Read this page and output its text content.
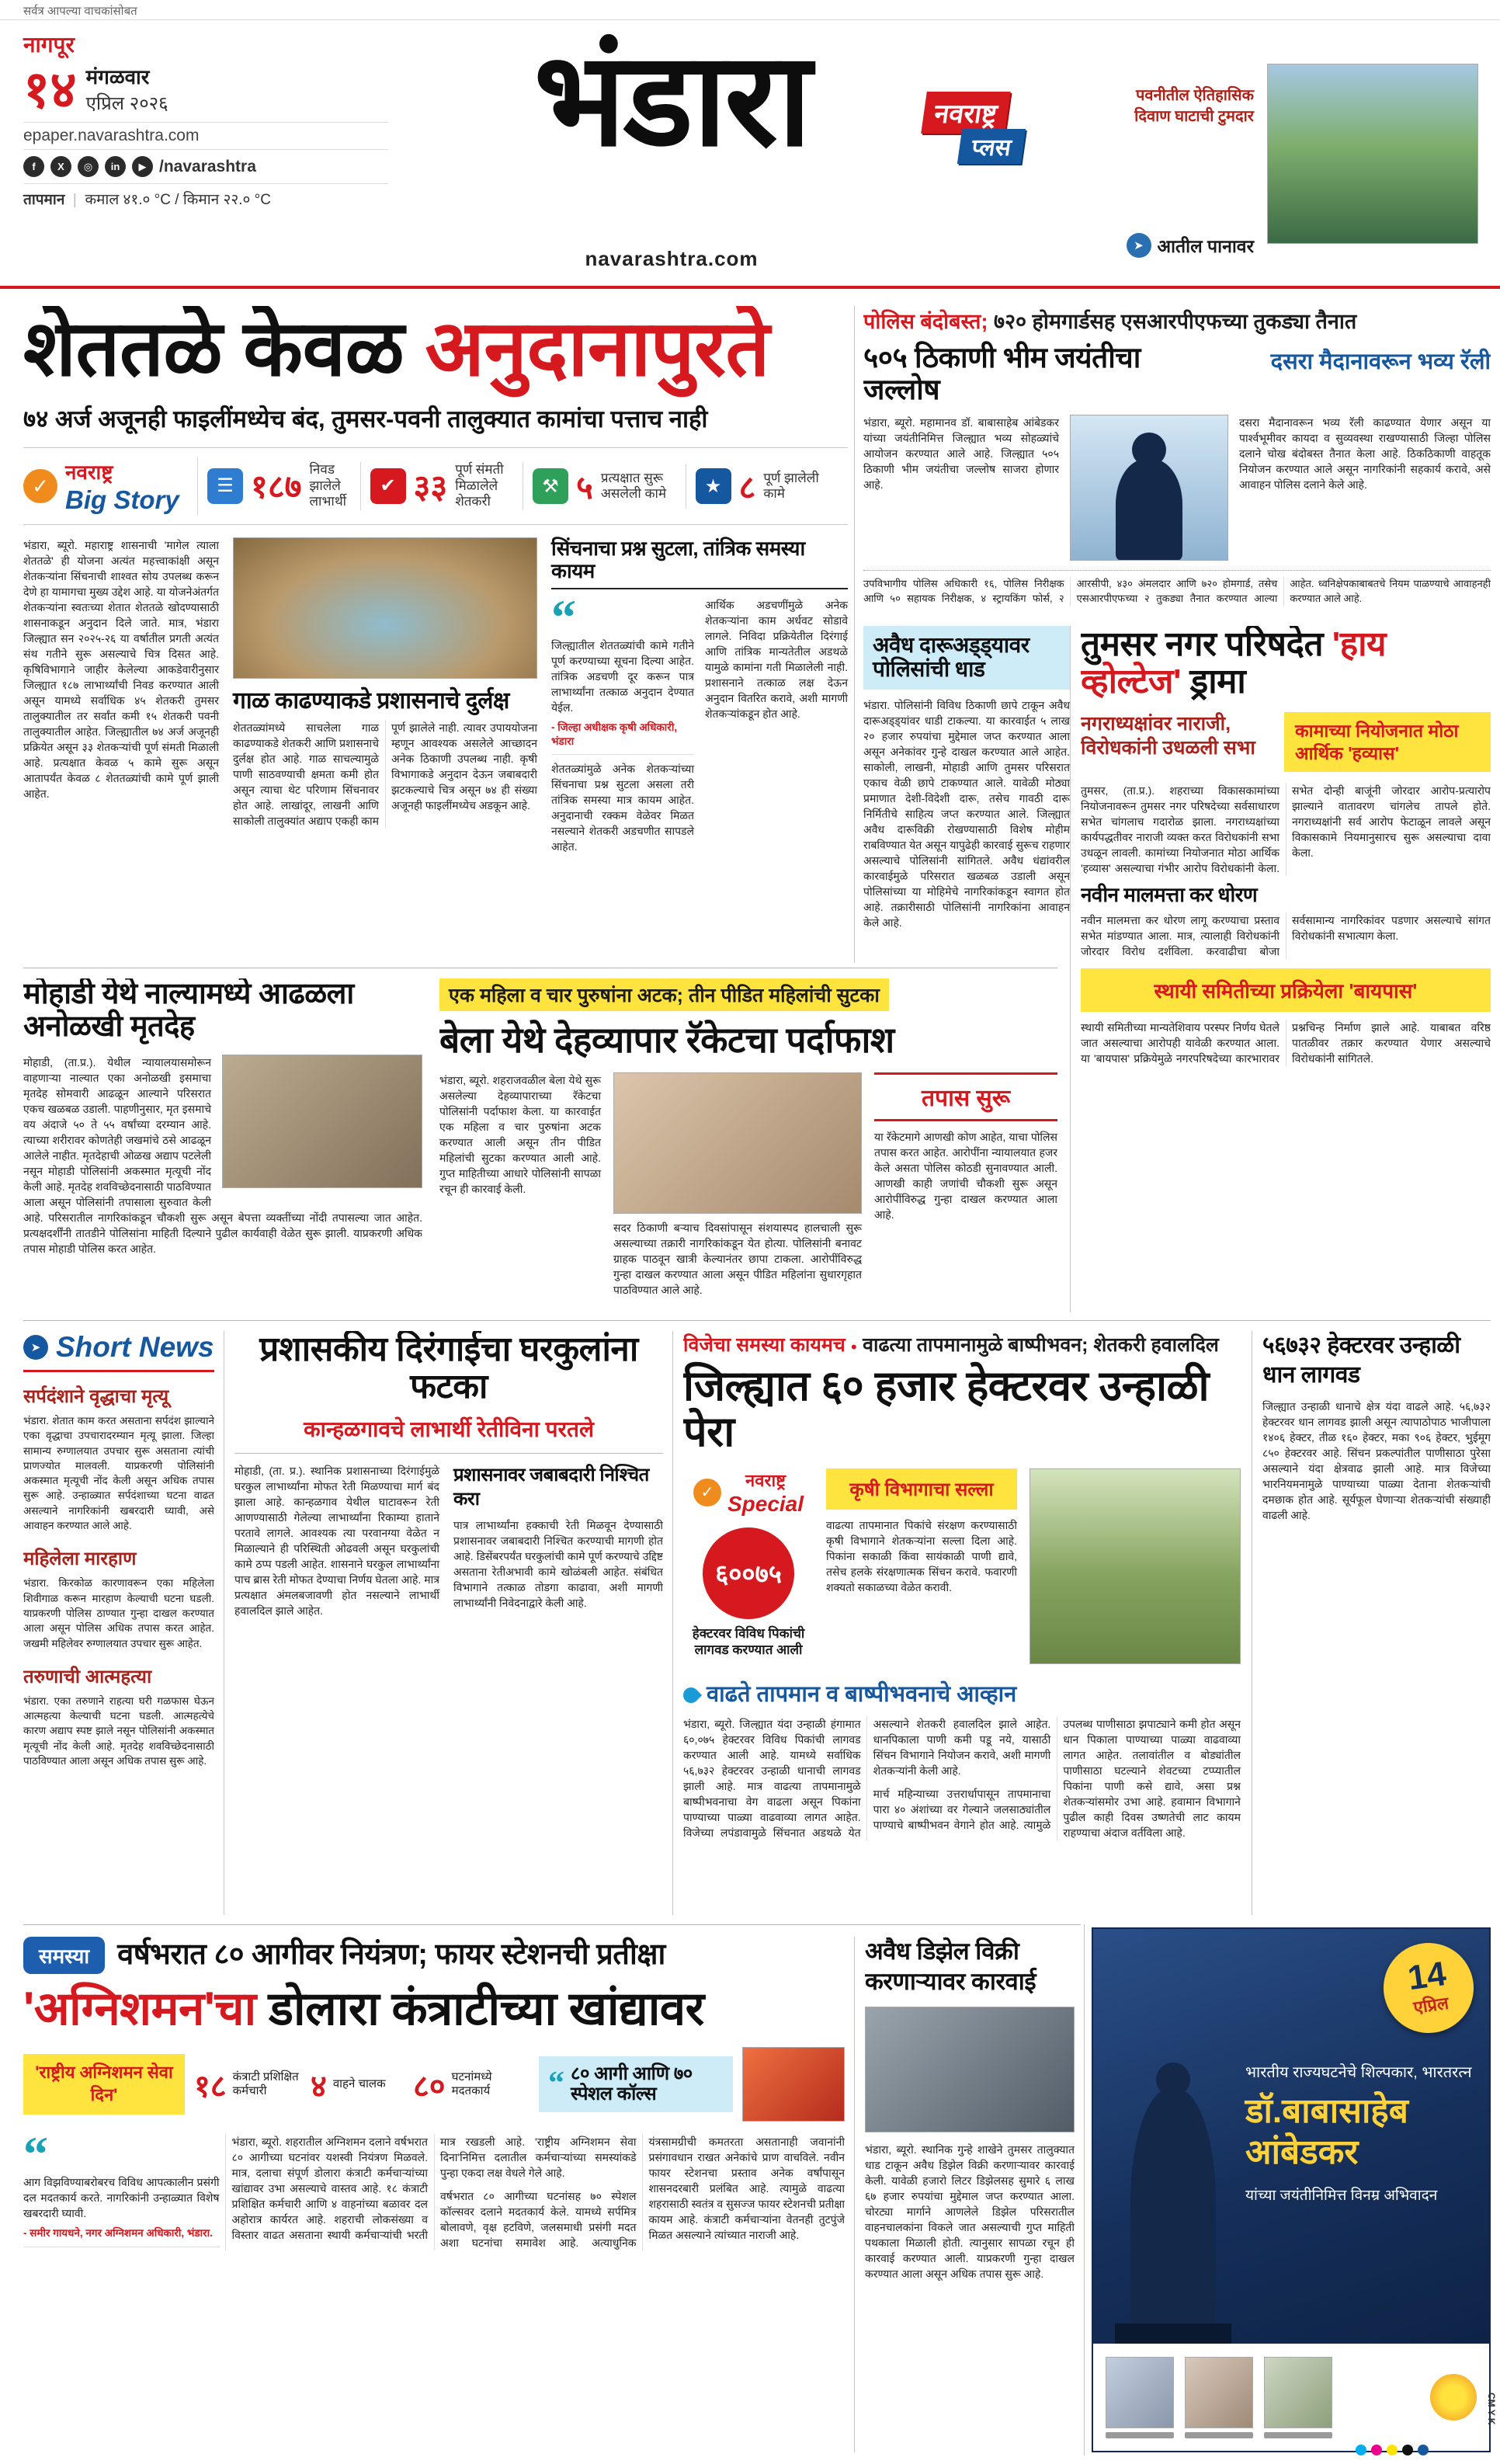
सर्वत्र आपल्या वाचकांसोबत
नागपूर
१४ मंगळवार
एप्रिल २०२६
epaper.navarashtra.com
f	X	◎	in	▶ /navarashtra
तापमान  |  कमाल ४१.० °C / किमान २२.० °C
भंडारा	नवराष्ट्र
प्लस
navarashtra.com
पवनीतील ऐतिहासिक दिवाण घाटाची टुमदार
➤ आतील पानावर
शेततळे केवळ अनुदानापुरते
७४ अर्ज अजूनही फाइलींमध्येच बंद, तुमसर-पवनी तालुक्यात कामांचा पत्ताच नाही
✓
नवराष्ट्र
Big Story	☰ १८७ निवड झालेले लाभार्थी
✔ ३३ पूर्ण संमती मिळालेले शेतकरी
⚒ ५ प्रत्यक्षात सुरू असलेली कामे	★ ८ पूर्ण झालेली कामे
भंडारा, ब्यूरो. महाराष्ट्र शासनाची 'मागेल त्याला शेततळे' ही योजना अत्यंत महत्त्वाकांक्षी असून शेतकऱ्यांना सिंचनाची शाश्वत सोय उपलब्ध करून देणे हा यामागचा मुख्य उद्देश आहे. या योजनेअंतर्गत शेतकऱ्यांना स्वतःच्या शेतात शेततळे खोदण्यासाठी शासनाकडून अनुदान दिले जाते. मात्र, भंडारा जिल्ह्यात सन २०२५-२६ या वर्षातील प्रगती अत्यंत संथ गतीने सुरू असल्याचे चित्र दिसत आहे. कृषिविभागाने जाहीर केलेल्या आकडेवारीनुसार जिल्ह्यात १८७ लाभार्थ्यांची निवड करण्यात आली असून यामध्ये सर्वाधिक ४५ शेतकरी तुमसर तालुक्यातील तर सर्वांत कमी १५ शेतकरी पवनी तालुक्यातील आहेत. जिल्ह्यातील ७४ अर्ज अजूनही प्रक्रियेत असून ३३ शेतकऱ्यांची पूर्ण संमती मिळाली आहे. प्रत्यक्षात केवळ ५ कामे सुरू असून आतापर्यंत केवळ ८ शेततळ्यांची कामे पूर्ण झाली आहेत.
गाळ काढण्याकडे प्रशासनाचे दुर्लक्ष
शेततळ्यांमध्ये साचलेला गाळ काढण्याकडे शेतकरी आणि प्रशासनाचे दुर्लक्ष होत आहे. गाळ साचल्यामुळे पाणी साठवण्याची क्षमता कमी होत असून त्याचा थेट परिणाम सिंचनावर होत आहे. लाखांदूर, लाखनी आणि साकोली तालुक्यांत अद्याप एकही काम पूर्ण झालेले नाही. त्यावर उपाययोजना म्हणून आवश्यक असलेले आच्छादन अनेक ठिकाणी उपलब्ध नाही. कृषी विभागाकडे अनुदान देऊन जबाबदारी झटकल्याचे चित्र असून ७४ ही संख्या अजूनही फाइलींमध्येच अडकून आहे.
सिंचनाचा प्रश्न सुटला, तांत्रिक समस्या कायम
“
जिल्ह्यातील शेततळ्यांची कामे गतीने पूर्ण करण्याच्या सूचना दिल्या आहेत. तांत्रिक अडचणी दूर करून पात्र लाभार्थ्यांना तत्काळ अनुदान देण्यात येईल.
- जिल्हा अधीक्षक कृषी अधिकारी, भंडारा
शेततळ्यांमुळे अनेक शेतकऱ्यांच्या सिंचनाचा प्रश्न सुटला असला तरी तांत्रिक समस्या मात्र कायम आहेत. अनुदानाची रक्कम वेळेवर मिळत नसल्याने शेतकरी अडचणीत सापडले आहेत.
आर्थिक अडचणींमुळे अनेक शेतकऱ्यांना काम अर्धवट सोडावे लागले. निविदा प्रक्रियेतील दिरंगाई आणि तांत्रिक मान्यतेतील अडथळे यामुळे कामांना गती मिळालेली नाही. प्रशासनाने तत्काळ लक्ष देऊन अनुदान वितरित करावे, अशी मागणी शेतकऱ्यांकडून होत आहे.
पोलिस बंदोबस्त; ७२० होमगार्डसह एसआरपीएफच्या तुकड्या तैनात
५०५ ठिकाणी भीम जयंतीचा जल्लोष
दसरा मैदानावरून भव्य रॅली
भंडारा, ब्यूरो. महामानव डॉ. बाबासाहेब आंबेडकर यांच्या जयंतीनिमित्त जिल्ह्यात भव्य सोहळ्यांचे आयोजन करण्यात आले आहे. जिल्ह्यात ५०५ ठिकाणी भीम जयंतीचा जल्लोष साजरा होणार आहे.
दसरा मैदानावरून भव्य रॅली काढण्यात येणार असून या पार्श्वभूमीवर कायदा व सुव्यवस्था राखण्यासाठी जिल्हा पोलिस दलाने चोख बंदोबस्त तैनात केला आहे. ठिकठिकाणी वाहतूक नियोजन करण्यात आले असून नागरिकांनी सहकार्य करावे, असे आवाहन पोलिस दलाने केले आहे.
उपविभागीय पोलिस अधिकारी १६, पोलिस निरीक्षक आणि ५० सहायक निरीक्षक, ४ स्ट्रायकिंग फोर्स, २ आरसीपी, ४३० अंमलदार आणि ७२० होमगार्ड, तसेच एसआरपीएफच्या २ तुकड्या तैनात करण्यात आल्या आहेत. ध्वनिक्षेपकाबाबतचे नियम पाळण्याचे आवाहनही करण्यात आले आहे.
अवैध दारूअड्ड्यावर पोलिसांची धाड
भंडारा. पोलिसांनी विविध ठिकाणी छापे टाकून अवैध दारूअड्ड्यांवर धाडी टाकल्या. या कारवाईत ५ लाख २० हजार रुपयांचा मुद्देमाल जप्त करण्यात आला असून अनेकांवर गुन्हे दाखल करण्यात आले आहेत. साकोली, लाखनी, मोहाडी आणि तुमसर परिसरात एकाच वेळी छापे टाकण्यात आले. यावेळी मोठ्या प्रमाणात देशी-विदेशी दारू, तसेच गावठी दारू निर्मितीचे साहित्य जप्त करण्यात आले. जिल्ह्यात अवैध दारूविक्री रोखण्यासाठी विशेष मोहीम राबविण्यात येत असून यापुढेही कारवाई सुरूच राहणार असल्याचे पोलिसांनी सांगितले. अवैध धंद्यांवरील कारवाईमुळे परिसरात खळबळ उडाली असून पोलिसांच्या या मोहिमेचे नागरिकांकडून स्वागत होत आहे. तक्रारीसाठी पोलिसांनी नागरिकांना आवाहन केले आहे.
तुमसर नगर परिषदेत 'हाय व्होल्टेज' ड्रामा
नगराध्यक्षांवर नाराजी, विरोधकांनी उधळली सभा
कामाच्या नियोजनात मोठा आर्थिक 'हव्यास'
तुमसर, (ता.प्र.). शहराच्या विकासकामांच्या नियोजनावरून तुमसर नगर परिषदेच्या सर्वसाधारण सभेत चांगलाच गदारोळ झाला. नगराध्यक्षांच्या कार्यपद्धतीवर नाराजी व्यक्त करत विरोधकांनी सभा उधळून लावली. कामांच्या नियोजनात मोठा आर्थिक 'हव्यास' असल्याचा गंभीर आरोप विरोधकांनी केला. सभेत दोन्ही बाजूंनी जोरदार आरोप-प्रत्यारोप झाल्याने वातावरण चांगलेच तापले होते. नगराध्यक्षांनी सर्व आरोप फेटाळून लावले असून विकासकामे नियमानुसारच सुरू असल्याचा दावा केला.
नवीन मालमत्ता कर धोरण
नवीन मालमत्ता कर धोरण लागू करण्याचा प्रस्ताव सभेत मांडण्यात आला. मात्र, त्यालाही विरोधकांनी जोरदार विरोध दर्शविला. करवाढीचा बोजा सर्वसामान्य नागरिकांवर पडणार असल्याचे सांगत विरोधकांनी सभात्याग केला.
स्थायी समितीच्या प्रक्रियेला 'बायपास'
स्थायी समितीच्या मान्यतेशिवाय परस्पर निर्णय घेतले जात असल्याचा आरोपही यावेळी करण्यात आला. या 'बायपास' प्रक्रियेमुळे नगरपरिषदेच्या कारभारावर प्रश्नचिन्ह निर्माण झाले आहे. याबाबत वरिष्ठ पातळीवर तक्रार करण्यात येणार असल्याचे विरोधकांनी सांगितले.
मोहाडी येथे नाल्यामध्ये आढळला अनोळखी मृतदेह
मोहाडी, (ता.प्र.). येथील न्यायालयासमोरून वाहणाऱ्या नाल्यात एका अनोळखी इसमाचा मृतदेह सोमवारी आढळून आल्याने परिसरात एकच खळबळ उडाली. पाहणीनुसार, मृत इसमाचे वय अंदाजे ५० ते ५५ वर्षांच्या दरम्यान आहे. त्याच्या शरीरावर कोणतेही जखमांचे ठसे आढळून आलेले नाहीत. मृतदेहाची ओळख अद्याप पटलेली नसून मोहाडी पोलिसांनी अकस्मात मृत्यूची नोंद केली आहे. मृतदेह शवविच्छेदनासाठी पाठविण्यात आला असून पोलिसांनी तपासाला सुरुवात केली आहे. परिसरातील नागरिकांकडून चौकशी सुरू असून बेपत्ता व्यक्तींच्या नोंदी तपासल्या जात आहेत. प्रत्यक्षदर्शींनी तातडीने पोलिसांना माहिती दिल्याने पुढील कार्यवाही वेळेत सुरू झाली. याप्रकरणी अधिक तपास मोहाडी पोलिस करत आहेत.
एक महिला व चार पुरुषांना अटक; तीन पीडित महिलांची सुटका
बेला येथे देहव्यापार रॅकेटचा पर्दाफाश
भंडारा, ब्यूरो. शहराजवळील बेला येथे सुरू असलेल्या देहव्यापाराच्या रॅकेटचा पोलिसांनी पर्दाफाश केला. या कारवाईत एक महिला व चार पुरुषांना अटक करण्यात आली असून तीन पीडित महिलांची सुटका करण्यात आली आहे. गुप्त माहितीच्या आधारे पोलिसांनी सापळा रचून ही कारवाई केली.
सदर ठिकाणी बऱ्याच दिवसांपासून संशयास्पद हालचाली सुरू असल्याच्या तक्रारी नागरिकांकडून येत होत्या. पोलिसांनी बनावट ग्राहक पाठवून खात्री केल्यानंतर छापा टाकला. आरोपींविरुद्ध गुन्हा दाखल करण्यात आला असून पीडित महिलांना सुधारगृहात पाठविण्यात आले आहे.
तपास सुरू
या रॅकेटमागे आणखी कोण आहेत, याचा पोलिस तपास करत आहेत. आरोपींना न्यायालयात हजर केले असता पोलिस कोठडी सुनावण्यात आली. आणखी काही जणांची चौकशी सुरू असून आरोपींविरुद्ध गुन्हा दाखल करण्यात आला आहे.
➤ Short News
सर्पदंशाने वृद्धाचा मृत्यू
भंडारा. शेतात काम करत असताना सर्पदंश झाल्याने एका वृद्धाचा उपचारादरम्यान मृत्यू झाला. जिल्हा सामान्य रुग्णालयात उपचार सुरू असताना त्यांची प्राणज्योत मालवली. याप्रकरणी पोलिसांनी अकस्मात मृत्यूची नोंद केली असून अधिक तपास सुरू आहे. उन्हाळ्यात सर्पदंशाच्या घटना वाढत असल्याने नागरिकांनी खबरदारी घ्यावी, असे आवाहन करण्यात आले आहे.
महिलेला मारहाण
भंडारा. किरकोळ कारणावरून एका महिलेला शिवीगाळ करून मारहाण केल्याची घटना घडली. याप्रकरणी पोलिस ठाण्यात गुन्हा दाखल करण्यात आला असून पोलिस अधिक तपास करत आहेत. जखमी महिलेवर रुग्णालयात उपचार सुरू आहेत.
तरुणाची आत्महत्या
भंडारा. एका तरुणाने राहत्या घरी गळफास घेऊन आत्महत्या केल्याची घटना घडली. आत्महत्येचे कारण अद्याप स्पष्ट झाले नसून पोलिसांनी अकस्मात मृत्यूची नोंद केली आहे. मृतदेह शवविच्छेदनासाठी पाठविण्यात आला असून अधिक तपास सुरू आहे.
प्रशासकीय दिरंगाईचा घरकुलांना फटका
कान्हळगावचे लाभार्थी रेतीविना परतले
मोहाडी, (ता. प्र.). स्थानिक प्रशासनाच्या दिरंगाईमुळे घरकुल लाभार्थ्यांना मोफत रेती मिळण्याचा मार्ग बंद झाला आहे. कान्हळगाव येथील घाटावरून रेती आणण्यासाठी गेलेल्या लाभार्थ्यांना रिकाम्या हाताने परतावे लागले. आवश्यक त्या परवानग्या वेळेत न मिळाल्याने ही परिस्थिती ओढवली असून घरकुलांची कामे ठप्प पडली आहेत. शासनाने घरकुल लाभार्थ्यांना पाच ब्रास रेती मोफत देण्याचा निर्णय घेतला आहे. मात्र प्रत्यक्षात अंमलबजावणी होत नसल्याने लाभार्थी हवालदिल झाले आहेत.
प्रशासनावर जबाबदारी निश्चित करा
पात्र लाभार्थ्यांना हक्काची रेती मिळवून देण्यासाठी प्रशासनावर जबाबदारी निश्चित करण्याची मागणी होत आहे. डिसेंबरपर्यंत घरकुलांची कामे पूर्ण करण्याचे उद्दिष्ट असताना रेतीअभावी कामे खोळंबली आहेत. संबंधित विभागाने तत्काळ तोडगा काढावा, अशी मागणी लाभार्थ्यांनी निवेदनाद्वारे केली आहे.
विजेचा समस्या कायमच ● वाढत्या तापमानामुळे बाष्पीभवन; शेतकरी हवालदिल
जिल्ह्यात ६० हजार हेक्टरवर उन्हाळी पेरा
✓
नवराष्ट्र
Special
६००७५
हेक्टरवर विविध पिकांची लागवड करण्यात आली
कृषी विभागाचा सल्ला
वाढत्या तापमानात पिकांचे संरक्षण करण्यासाठी कृषी विभागाने शेतकऱ्यांना सल्ला दिला आहे. पिकांना सकाळी किंवा सायंकाळी पाणी द्यावे, तसेच हलके संरक्षणात्मक सिंचन करावे. फवारणी शक्यतो सकाळच्या वेळेत करावी.
वाढते तापमान व बाष्पीभवनाचे आव्हान

भंडारा, ब्यूरो. जिल्ह्यात यंदा उन्हाळी हंगामात ६०,०७५ हेक्टरवर विविध पिकांची लागवड करण्यात आली आहे. यामध्ये सर्वाधिक ५६,७३२ हेक्टरवर उन्हाळी धानाची लागवड झाली आहे. मात्र वाढत्या तापमानामुळे बाष्पीभवनाचा वेग वाढला असून पिकांना पाण्याच्या पाळ्या वाढवाव्या लागत आहेत. विजेच्या लपंडावामुळे सिंचनात अडथळे येत असल्याने शेतकरी हवालदिल झाले आहेत. धानपिकाला पाणी कमी पडू नये, यासाठी सिंचन विभागाने नियोजन करावे, अशी मागणी शेतकऱ्यांनी केली आहे.

मार्च महिन्याच्या उत्तरार्धापासून तापमानाचा पारा ४० अंशांच्या वर गेल्याने जलसाठ्यांतील पाण्याचे बाष्पीभवन वेगाने होत आहे. त्यामुळे उपलब्ध पाणीसाठा झपाट्याने कमी होत असून धान पिकाला पाण्याच्या पाळ्या वाढवाव्या लागत आहेत. तलावांतील व बोड्यांतील पाणीसाठा घटल्याने शेवटच्या टप्प्यातील पिकांना पाणी कसे द्यावे, असा प्रश्न शेतकऱ्यांसमोर उभा आहे. हवामान विभागाने पुढील काही दिवस उष्णतेची लाट कायम राहण्याचा अंदाज वर्तविला आहे.

५६७३२ हेक्टरवर उन्हाळी धान लागवड
जिल्ह्यात उन्हाळी धानाचे क्षेत्र यंदा वाढले आहे. ५६,७३२ हेक्टरवर धान लागवड झाली असून त्यापाठोपाठ भाजीपाला १४०६ हेक्टर, तीळ १६० हेक्टर, मका ९०६ हेक्टर, भुईमूग ८५० हेक्टरवर आहे. सिंचन प्रकल्पांतील पाणीसाठा पुरेसा असल्याने यंदा क्षेत्रवाढ झाली आहे. मात्र विजेच्या भारनियमनामुळे पाण्याच्या पाळ्या देताना शेतकऱ्यांची दमछाक होत आहे. सूर्यफूल घेणाऱ्या शेतकऱ्यांची संख्याही वाढली आहे.
समस्या वर्षभरात ८० आगीवर नियंत्रण; फायर स्टेशनची प्रतीक्षा
'अग्निशमन'चा डोलारा कंत्राटीच्या खांद्यावर
'राष्ट्रीय अग्निशमन सेवा दिन'	१८ कंत्राटी प्रशिक्षित कर्मचारी	४ वाहने चालक ८० घटनांमध्ये मदतकार्य	“ ८० आगी आणि ७० स्पेशल कॉल्स
“
आग विझविण्याबरोबरच विविध आपत्कालीन प्रसंगी दल मदतकार्य करते. नागरिकांनी उन्हाळ्यात विशेष खबरदारी घ्यावी.
- समीर गायधने, नगर अग्निशमन अधिकारी, भंडारा.

भंडारा, ब्यूरो. शहरातील अग्निशमन दलाने वर्षभरात ८० आगीच्या घटनांवर यशस्वी नियंत्रण मिळवले. मात्र, दलाचा संपूर्ण डोलारा कंत्राटी कर्मचाऱ्यांच्या खांद्यावर उभा असल्याचे वास्तव आहे. १८ कंत्राटी प्रशिक्षित कर्मचारी आणि ४ वाहनांच्या बळावर दल अहोरात्र कार्यरत आहे. शहराची लोकसंख्या व विस्तार वाढत असताना स्थायी कर्मचाऱ्यांची भरती मात्र रखडली आहे. 'राष्ट्रीय अग्निशमन सेवा दिना'निमित्त दलातील कर्मचाऱ्यांच्या समस्यांकडे पुन्हा एकदा लक्ष वेधले गेले आहे.

वर्षभरात ८० आगीच्या घटनांसह ७० स्पेशल कॉल्सवर दलाने मदतकार्य केले. यामध्ये सर्पमित्र बोलावणे, वृक्ष हटविणे, जलसमाधी प्रसंगी मदत अशा घटनांचा समावेश आहे. अत्याधुनिक यंत्रसामग्रीची कमतरता असतानाही जवानांनी प्रसंगावधान राखत अनेकांचे प्राण वाचविले. नवीन फायर स्टेशनचा प्रस्ताव अनेक वर्षांपासून शासनदरबारी प्रलंबित आहे. त्यामुळे वाढत्या शहरासाठी स्वतंत्र व सुसज्ज फायर स्टेशनची प्रतीक्षा कायम आहे. कंत्राटी कर्मचाऱ्यांना वेतनही तुटपुंजे मिळत असल्याने त्यांच्यात नाराजी आहे.

अवैध डिझेल विक्री करणाऱ्यावर कारवाई
भंडारा, ब्यूरो. स्थानिक गुन्हे शाखेने तुमसर तालुक्यात धाड टाकून अवैध डिझेल विक्री करणाऱ्यावर कारवाई केली. यावेळी हजारो लिटर डिझेलसह सुमारे ६ लाख ६७ हजार रुपयांचा मुद्देमाल जप्त करण्यात आला. चोरट्या मार्गाने आणलेले डिझेल परिसरातील वाहनचालकांना विकले जात असल्याची गुप्त माहिती पथकाला मिळाली होती. त्यानुसार सापळा रचून ही कारवाई करण्यात आली. याप्रकरणी गुन्हा दाखल करण्यात आला असून अधिक तपास सुरू आहे.
14
एप्रिल
भारतीय राज्यघटनेचे शिल्पकार, भारतरत्न
डॉ.बाबासाहेब आंबेडकर
यांच्या जयंतीनिमित्त विनम्र अभिवादन
CM Y K
